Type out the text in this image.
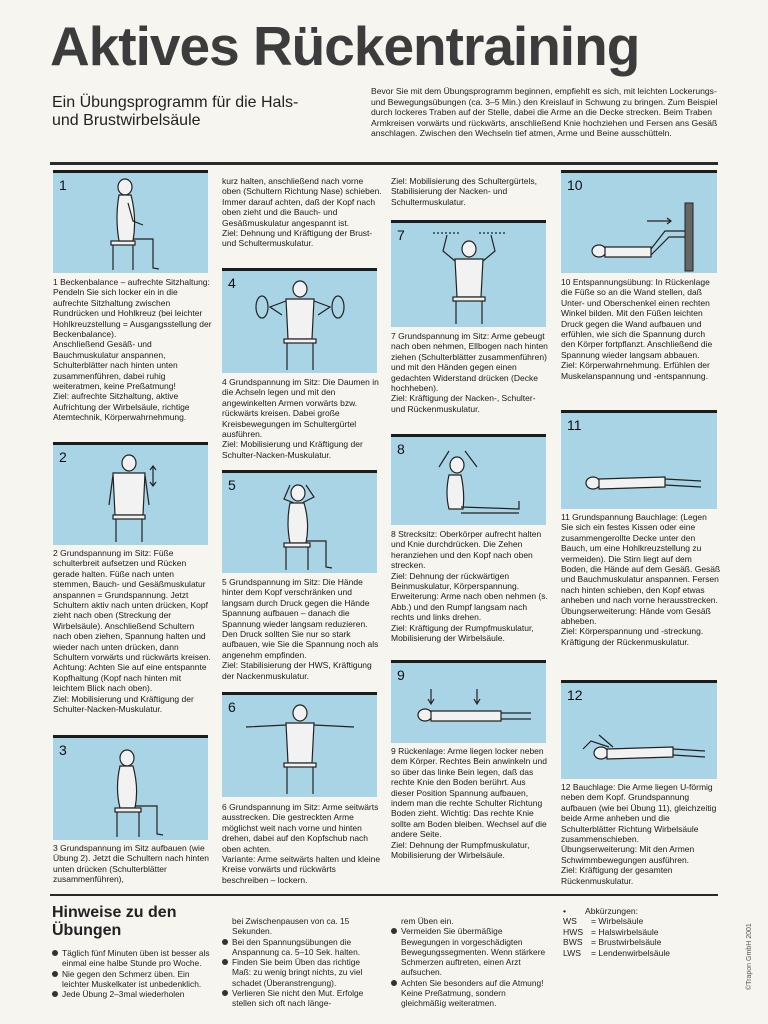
Aktives Rückentraining
Ein Übungsprogramm für die Hals- und Brustwirbelsäule
Bevor Sie mit dem Übungsprogramm beginnen, empfiehlt es sich, mit leichten Lockerungs- und Bewegungsübungen (ca. 3–5 Min.) den Kreislauf in Schwung zu bringen. Zum Beispiel durch lockeres Traben auf der Stelle, dabei die Arme an die Decke strecken. Beim Traben Armkreisen vorwärts und rückwärts, anschließend Knie hochziehen und Fersen ans Gesäß anschlagen. Zwischen den Wechseln tief atmen, Arme und Beine ausschütteln.
1
1 Beckenbalance – aufrechte Sitzhaltung: Pendeln Sie sich locker ein in die aufrechte Sitzhaltung zwischen Rundrücken und Hohlkreuz (bei leichter Hohlkreuzstellung = Ausgangsstellung der Beckenbalance).
Anschließend Gesäß- und Bauchmuskulatur anspannen, Schulterblätter nach hinten unten zusammenführen, dabei ruhig weiteratmen, keine Preßatmung!
Ziel: aufrechte Sitzhaltung, aktive Aufrichtung der Wirbelsäule, richtige Atemtechnik, Körperwahrnehmung.
2
2 Grundspannung im Sitz: Füße schulterbreit aufsetzen und Rücken gerade halten. Füße nach unten stemmen, Bauch- und Gesäßmuskulatur anspannen = Grundspannung. Jetzt Schultern aktiv nach unten drücken, Kopf zieht nach oben (Streckung der Wirbelsäule). Anschließend Schultern nach oben ziehen, Spannung halten und wieder nach unten drücken, dann Schultern vorwärts und rückwärts kreisen. Achtung: Achten Sie auf eine entspannte Kopfhaltung (Kopf nach hinten mit leichtem Blick nach oben).
Ziel: Mobilisierung und Kräftigung der Schulter-Nacken-Muskulatur.
3
3 Grundspannung im Sitz aufbauen (wie Übung 2). Jetzt die Schultern nach hinten unten drücken (Schulterblätter zusammenführen),
kurz halten, anschließend nach vorne oben (Schultern Richtung Nase) schieben. Immer darauf achten, daß der Kopf nach oben zieht und die Bauch- und Gesäßmuskulatur angespannt ist.
Ziel: Dehnung und Kräftigung der Brust- und Schultermuskulatur.
4
4 Grundspannung im Sitz: Die Daumen in die Achseln legen und mit den angewinkelten Armen vorwärts bzw. rückwärts kreisen. Dabei große Kreisbewegungen im Schultergürtel ausführen.
Ziel: Mobilisierung und Kräftigung der Schulter-Nacken-Muskulatur.
5
5 Grundspannung im Sitz: Die Hände hinter dem Kopf verschränken und langsam durch Druck gegen die Hände Spannung aufbauen – danach die Spannung wieder langsam reduzieren. Den Druck sollten Sie nur so stark aufbauen, wie Sie die Spannung noch als angenehm empfinden.
Ziel: Stabilisierung der HWS, Kräftigung der Nackenmuskulatur.
6
6 Grundspannung im Sitz: Arme seitwärts ausstrecken. Die gestreckten Arme möglichst weit nach vorne und hinten drehen, dabei auf den Kopfschub nach oben achten.
Variante: Arme seitwärts halten und kleine Kreise vorwärts und rückwärts beschreiben – lockern.
Ziel: Mobilisierung des Schultergürtels, Stabilisierung der Nacken- und Schultermuskulatur.
7
7 Grundspannung im Sitz: Arme gebeugt nach oben nehmen, Ellbogen nach hinten ziehen (Schulterblätter zusammenführen) und mit den Händen gegen einen gedachten Widerstand drücken (Decke hochheben).
Ziel: Kräftigung der Nacken-, Schulter- und Rückenmuskulatur.
8
8 Strecksitz: Oberkörper aufrecht halten und Knie durchdrücken. Die Zehen heranziehen und den Kopf nach oben strecken.
Ziel: Dehnung der rückwärtigen Beinmuskulatur, Körperspannung.
Erweiterung: Arme nach oben nehmen (s. Abb.) und den Rumpf langsam nach rechts und links drehen.
Ziel: Kräftigung der Rumpfmuskulatur, Mobilisierung der Wirbelsäule.
9
9 Rückenlage: Arme liegen locker neben dem Körper. Rechtes Bein anwinkeln und so über das linke Bein legen, daß das rechte Knie den Boden berührt. Aus dieser Position Spannung aufbauen, indem man die rechte Schulter Richtung Boden zieht. Wichtig: Das rechte Knie sollte am Boden bleiben. Wechsel auf die andere Seite.
Ziel: Dehnung der Rumpfmuskulatur, Mobilisierung der Wirbelsäule.
10
10 Entspannungsübung: In Rückenlage die Füße so an die Wand stellen, daß Unter- und Oberschenkel einen rechten Winkel bilden. Mit den Füßen leichten Druck gegen die Wand aufbauen und erfühlen, wie sich die Spannung durch den Körper fortpflanzt. Anschließend die Spannung wieder langsam abbauen.
Ziel: Körperwahrnehmung. Erfühlen der Muskelanspannung und -entspannung.
11
11 Grundspannung Bauchlage: (Legen Sie sich ein festes Kissen oder eine zusammengerollte Decke unter den Bauch, um eine Hohlkreuzstellung zu vermeiden). Die Stirn liegt auf dem Boden, die Hände auf dem Gesäß. Gesäß und Bauchmuskulatur anspannen. Fersen nach hinten schieben, den Kopf etwas anheben und nach vorne herausstrecken.
Übungserweiterung: Hände vom Gesäß abheben.
Ziel: Körperspannung und -streckung. Kräftigung der Rückenmuskulatur.
12
12 Bauchlage: Die Arme liegen U-förmig neben dem Kopf. Grundspannung aufbauen (wie bei Übung 11), gleichzeitig beide Arme anheben und die Schulterblätter Richtung Wirbelsäule zusammenschieben.
Übungserweiterung: Mit den Armen Schwimmbewegungen ausführen.
Ziel: Kräftigung der gesamten Rückenmuskulatur.
Hinweise zu den
Übungen
Täglich fünf Minuten üben ist besser als einmal eine halbe Stunde pro Woche.
Nie gegen den Schmerz üben. Ein leichter Muskelkater ist unbedenklich.
Jede Übung 2–3mal wiederholen
bei Zwischenpausen von ca. 15 Sekunden.
Bei den Spannungsübungen die Anspannung ca. 5–10 Sek. halten.
Finden Sie beim Üben das richtige Maß: zu wenig bringt nichts, zu viel schadet (Überanstrengung).
Verlieren Sie nicht den Mut. Erfolge stellen sich oft nach länge-
rem Üben ein.
Vermeiden Sie übermäßige Bewegungen in vorgeschädigten Bewegungssegmenten. Wenn stärkere Schmerzen auftreten, einen Arzt aufsuchen.
Achten Sie besonders auf die Atmung! Keine Preßatmung, sondern gleichmäßig weiteratmen.
•	Abkürzungen:
WS	= Wirbelsäule
HWS = Halswirbelsäule
BWS = Brustwirbelsäule
LWS	= Lendenwirbelsäule	©Trapon GmbH 2001
